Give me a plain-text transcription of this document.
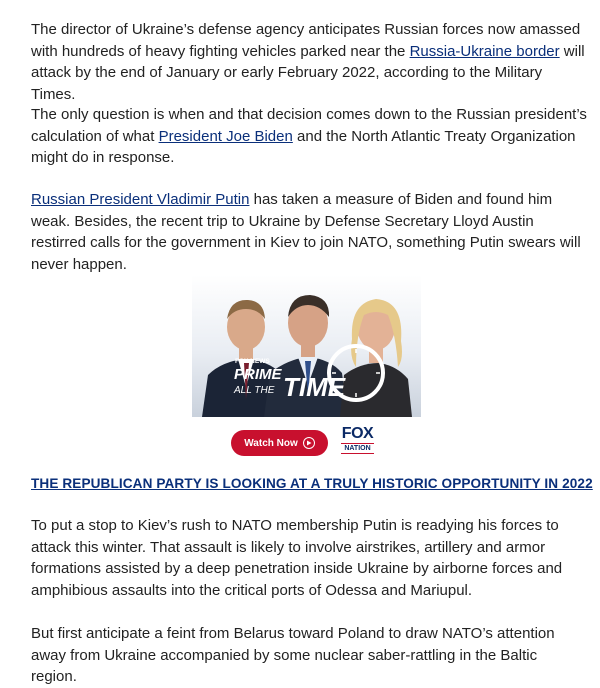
The director of Ukraine’s defense agency anticipates Russian forces now amassed with hundreds of heavy fighting vehicles parked near the Russia-Ukraine border will attack by the end of January or early February 2022, according to the Military Times.

The only question is when and that decision comes down to the Russian president’s calculation of what President Joe Biden and the North Atlantic Treaty Organization might do in response.

Russian President Vladimir Putin has taken a measure of Biden and found him weak. Besides, the recent trip to Ukraine by Defense Secretary Lloyd Austin restirred calls for the government in Kiev to join NATO, something Putin swears will never happen.

THE REPUBLICAN PARTY IS LOOKING AT A TRULY HISTORIC OPPORTUNITY IN 2022

To put a stop to Kiev’s rush to NATO membership Putin is readying his forces to attack this winter. That assault is likely to involve airstrikes, artillery and armor formations assisted by a deep penetration inside Ukraine by airborne forces and amphibious assaults into the critical ports of Odessa and Mariupul.

But first anticipate a feint from Belarus toward Poland to draw NATO’s attention away from Ukraine accompanied by some nuclear saber-rattling in the Baltic region.

FOX NEWS
PRIME
ALL THE TIME
Watch Now
FOX
NATION
